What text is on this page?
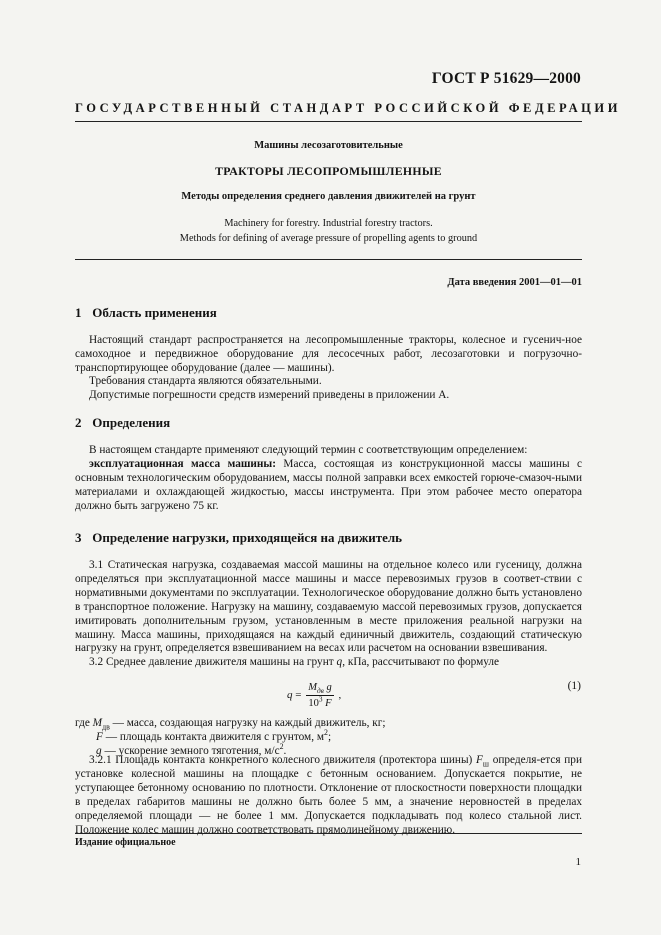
ГОСТ Р 51629—2000
ГОСУДАРСТВЕННЫЙ СТАНДАРТ РОССИЙСКОЙ ФЕДЕРАЦИИ
Машины лесозаготовительные
ТРАКТОРЫ ЛЕСОПРОМЫШЛЕННЫЕ
Методы определения среднего давления движителей на грунт
Machinery for forestry. Industrial forestry tractors.
Methods for defining of average pressure of propelling agents to ground
Дата введения 2001—01—01
1 Область применения
Настоящий стандарт распространяется на лесопромышленные тракторы, колесное и гусенич-ное самоходное и передвижное оборудование для лесосечных работ, лесозаготовки и погрузочно-транспортирующее оборудование (далее — машины).
Требования стандарта являются обязательными.
Допустимые погрешности средств измерений приведены в приложении А.
2 Определения
В настоящем стандарте применяют следующий термин с соответствующим определением:
эксплуатационная масса машины: Масса, состоящая из конструкционной массы машины с основным технологическим оборудованием, массы полной заправки всех емкостей горюче-смазоч-ными материалами и охлаждающей жидкостью, массы инструмента. При этом рабочее место оператора должно быть загружено 75 кг.
3 Определение нагрузки, приходящейся на движитель
3.1 Статическая нагрузка, создаваемая массой машины на отдельное колесо или гусеницу, должна определяться при эксплуатационной массе машины и массе перевозимых грузов в соответ-ствии с нормативными документами по эксплуатации. Технологическое оборудование должно быть установлено в транспортное положение. Нагрузку на машину, создаваемую массой перевозимых грузов, допускается имитировать дополнительным грузом, установленным в месте приложения реальной нагрузки на машину. Масса машины, приходящаяся на каждый единичный движитель, создающий статическую нагрузку на грунт, определяется взвешиванием на весах или расчетом на основании взвешивания.
3.2 Среднее давление движителя машины на грунт q, кПа, рассчитывают по формуле
$q = \frac{M_{дв} g}{10^3 F}$ ,
(1)
где $M_{дв}$ — масса, создающая нагрузку на каждый движитель, кг;
F — площадь контакта движителя с грунтом, $м^2$;
g — ускорение земного тяготения, $м/с^2$.
3.2.1 Площадь контакта конкретного колесного движителя (протектора шины) $F_ш$ определя-ется при установке колесной машины на площадке с бетонным основанием. Допускается покрытие, не уступающее бетонному основанию по плотности. Отклонение от плоскостности поверхности площадки в пределах габаритов машины не должно быть более 5 мм, а значение неровностей в пределах определяемой площади — не более 1 мм. Допускается подкладывать под колесо стальной лист. Положение колес машин должно соответствовать прямолинейному движению.
Издание официальное
1
